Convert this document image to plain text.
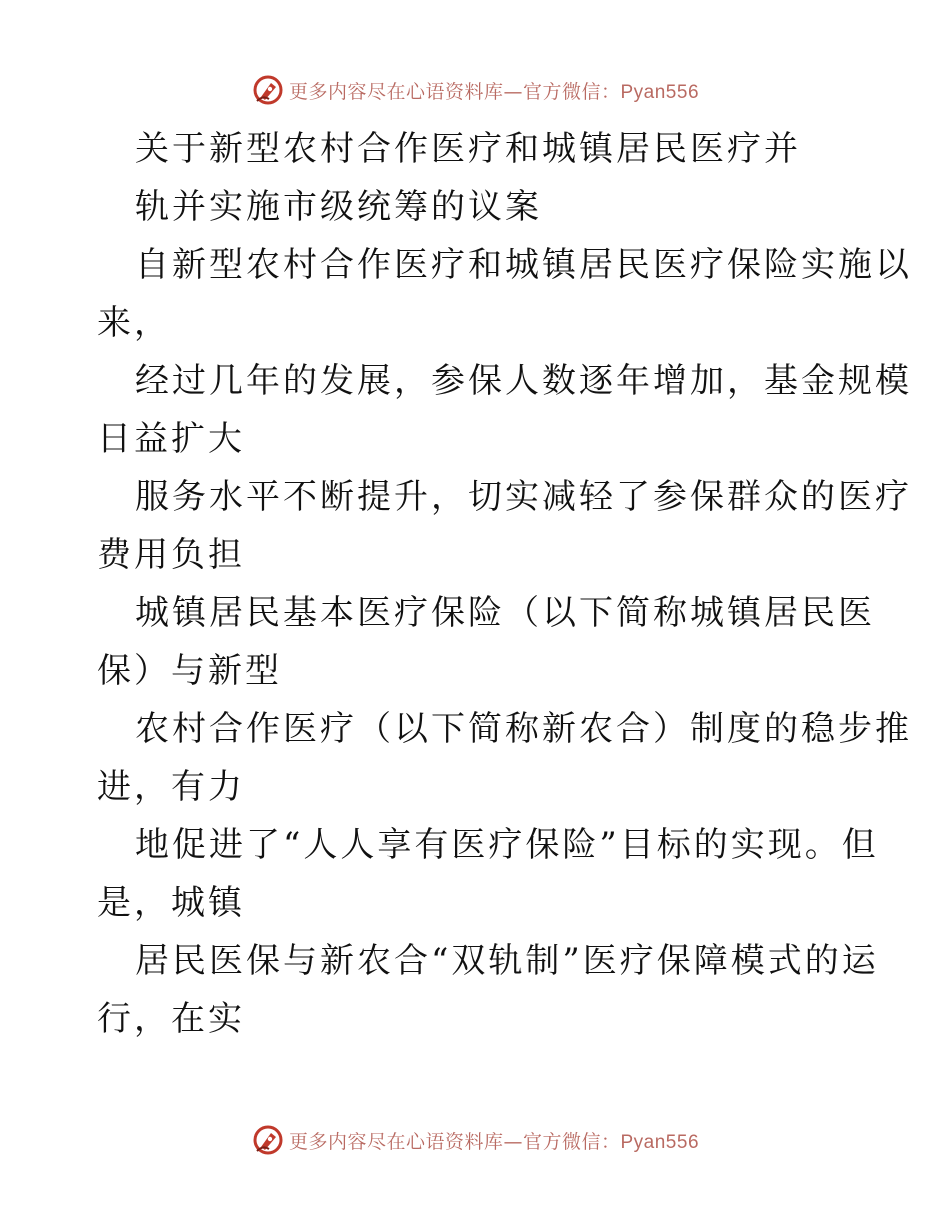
更多内容尽在心语资料库—官方微信：Pyan556
关于新型农村合作医疗和城镇居民医疗并
轨并实施市级统筹的议案
自新型农村合作医疗和城镇居民医疗保险实施以
来，
经过几年的发展，参保人数逐年增加，基金规模
日益扩大
服务水平不断提升，切实减轻了参保群众的医疗
费用负担
城镇居民基本医疗保险（以下简称城镇居民医
保）与新型
农村合作医疗（以下简称新农合）制度的稳步推
进，有力
地促进了“人人享有医疗保险”目标的实现。但
是，城镇
居民医保与新农合“双轨制”医疗保障模式的运
行，在实
更多内容尽在心语资料库—官方微信：Pyan556
